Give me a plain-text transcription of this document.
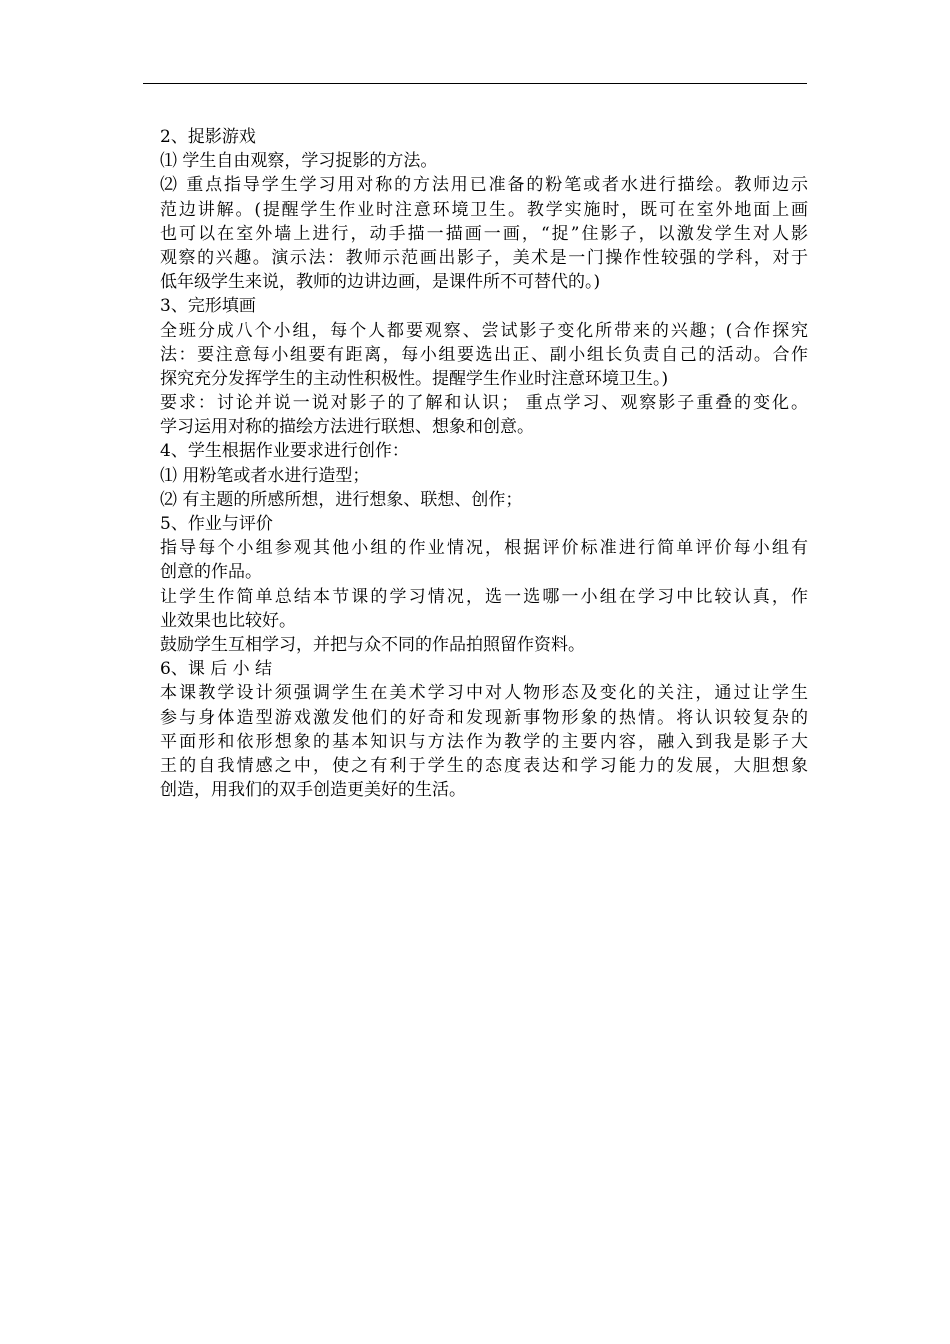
2、捉影游戏
⑴ 学生自由观察，学习捉影的方法。
⑵ 重点指导学生学习用对称的方法用已准备的粉笔或者水进行描绘。教师边示
范边讲解。(提醒学生作业时注意环境卫生。教学实施时，既可在室外地面上画
也可以在室外墙上进行，动手描一描画一画，“捉”住影子，以激发学生对人影
观察的兴趣。演示法：教师示范画出影子，美术是一门操作性较强的学科，对于
低年级学生来说，教师的边讲边画，是课件所不可替代的。)
3、完形填画
全班分成八个小组，每个人都要观察、尝试影子变化所带来的兴趣；(合作探究
法：要注意每小组要有距离，每小组要选出正、副小组长负责自己的活动。合作
探究充分发挥学生的主动性积极性。提醒学生作业时注意环境卫生。)
要求：讨论并说一说对影子的了解和认识； 重点学习、观察影子重叠的变化。
学习运用对称的描绘方法进行联想、想象和创意。
4、学生根据作业要求进行创作：
⑴ 用粉笔或者水进行造型；
⑵ 有主题的所感所想，进行想象、联想、创作；
5、作业与评价
指导每个小组参观其他小组的作业情况，根据评价标准进行简单评价每小组有
创意的作品。
让学生作简单总结本节课的学习情况，选一选哪一小组在学习中比较认真，作
业效果也比较好。
鼓励学生互相学习，并把与众不同的作品拍照留作资料。
6、课 后 小 结
本课教学设计须强调学生在美术学习中对人物形态及变化的关注，通过让学生
参与身体造型游戏激发他们的好奇和发现新事物形象的热情。将认识较复杂的
平面形和依形想象的基本知识与方法作为教学的主要内容，融入到我是影子大
王的自我情感之中，使之有利于学生的态度表达和学习能力的发展，大胆想象
创造，用我们的双手创造更美好的生活。
